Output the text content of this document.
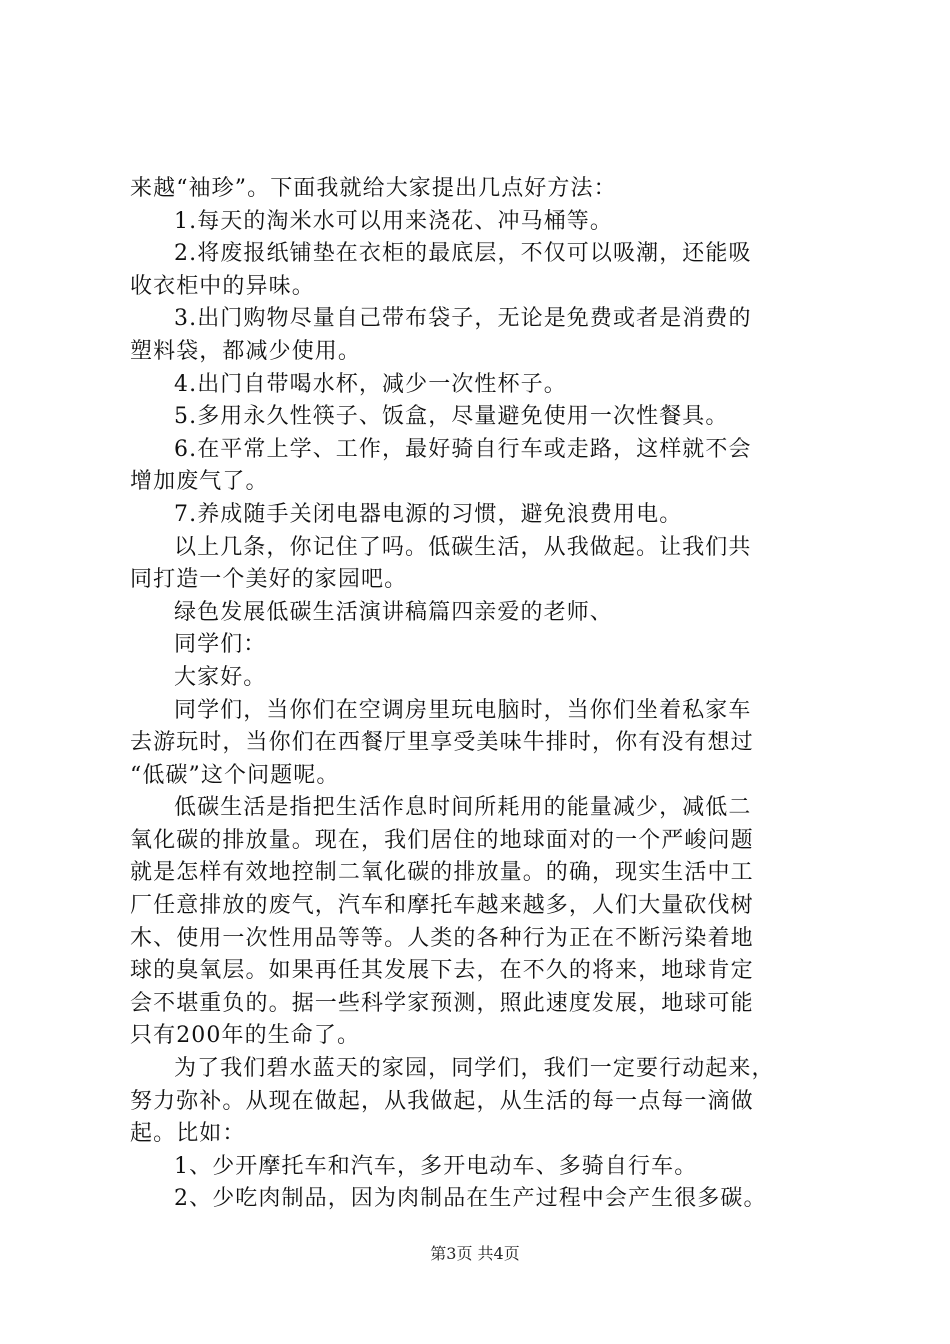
来越“袖珍”。下面我就给大家提出几点好方法：
1.每天的淘米水可以用来浇花、冲马桶等。
2.将废报纸铺垫在衣柜的最底层，不仅可以吸潮，还能吸
收衣柜中的异味。
3.出门购物尽量自己带布袋子，无论是免费或者是消费的
塑料袋，都减少使用。
4.出门自带喝水杯，减少一次性杯子。
5.多用永久性筷子、饭盒，尽量避免使用一次性餐具。
6.在平常上学、工作，最好骑自行车或走路，这样就不会
增加废气了。
7.养成随手关闭电器电源的习惯，避免浪费用电。
以上几条，你记住了吗。低碳生活，从我做起。让我们共
同打造一个美好的家园吧。
绿色发展低碳生活演讲稿篇四亲爱的老师、
同学们：
大家好。
同学们，当你们在空调房里玩电脑时，当你们坐着私家车
去游玩时，当你们在西餐厅里享受美味牛排时，你有没有想过
“低碳”这个问题呢。
低碳生活是指把生活作息时间所耗用的能量减少，减低二
氧化碳的排放量。现在，我们居住的地球面对的一个严峻问题
就是怎样有效地控制二氧化碳的排放量。的确，现实生活中工
厂任意排放的废气，汽车和摩托车越来越多，人们大量砍伐树
木、使用一次性用品等等。人类的各种行为正在不断污染着地
球的臭氧层。如果再任其发展下去，在不久的将来，地球肯定
会不堪重负的。据一些科学家预测，照此速度发展，地球可能
只有200年的生命了。
为了我们碧水蓝天的家园，同学们，我们一定要行动起来，
努力弥补。从现在做起，从我做起，从生活的每一点每一滴做
起。比如：
1、少开摩托车和汽车，多开电动车、多骑自行车。
2、少吃肉制品，因为肉制品在生产过程中会产生很多碳。
第3页 共4页
